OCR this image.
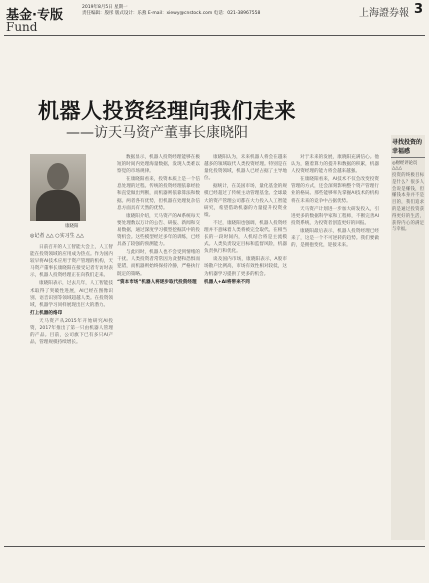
基金·专版
Fund
2019年8月5日 星期一
责任编辑：殷彤 版式设计：乐燕 E-mail：xiewy@cnstock.com 电话：021-38967558	上海證券報 3
机器人投资经理向我们走来
——访天马资产董事长康晓阳
康晓阳
◎记者 △△ ○实习生 △△

日前召开的人工智能大会上，人工智能在投资领域的应用成为热点。作为国内较早将AI技术应用于资产管理的机构，天马资产董事长康晓阳在接受记者专访时表示，机器人投资经理正在向我们走来。

康晓阳表示，过去几年，人工智能技术取得了突破性进展，AI已经在图像识别、语音识别等领域超越人类。在投资领域，机器学习同样展现出巨大的潜力。

打上机器的烙印

天马资产从2015年开始研究AI投资，2017年推出了第一只由机器人管理的产品。目前，公司旗下已有多只AI产品，管理规模持续增长。

数据显示，机器人投资经理能够在极短的时间内处理海量数据，发现人类难以察觉的市场规律。

在康晓阳看来，投资本质上是一个信息处理的过程。传统的投资经理依靠经验和直觉做出判断，而机器则依靠算法和数据。两者各有优势，但机器在处理复杂信息方面具有天然的优势。

康晓阳介绍，天马资产的AI系统每天要处理数以万计的公告、研报、新闻和交易数据，通过深度学习模型挖掘其中的投资机会。这些模型经过多年的训练，已经具备了较强的预测能力。

与此同时，机器人也不会受到情绪的干扰。人类投资者常常因为贪婪和恐惧而犯错，而机器则始终保持冷静，严格执行既定的策略。

“资本市场”机器人将逐步取代投资经理

康晓阳认为，未来机器人将会在越来越多的领域取代人类投资经理。特别是在量化投资领域，机器人已经占据了主导地位。

据统计，在美国市场，量化基金的规模已经超过了传统主动管理基金。全球最大的资产管理公司都在大力投入人工智能研究，希望借助机器的力量提升投资业绩。

不过，康晓阳也强调，机器人投资经理并不意味着人类将被完全取代。在相当长的一段时间内，人机结合将是主流模式。人类负责设定目标和监督风险，机器负责执行和优化。

谈及国内市场，康晓阳表示，A股市场散户比例高，市场有效性相对较低，这为机器学习提供了更多的机会。

机器人+AI将带来不同

对于未来的发展，康晓阳充满信心。他认为，随着算力的提升和数据的积累，机器人投资经理的能力将会越来越强。

在康晓阳看来，AI技术不仅会改变投资管理的方式，还会深刻影响整个资产管理行业的格局。那些能够率先掌握AI技术的机构将在未来的竞争中占据优势。

天马资产计划进一步加大研发投入，引进更多的数据科学家和工程师，不断完善AI投资系统，为投资者创造更好的回报。

康晓阳最后表示，机器人投资经理已经来了，这是一个不可逆转的趋势。我们要做的，是拥抱变化，迎接未来。

寻找投资的幸福感
◎财经评论员 △△△
投资的终极目标是什么？很多人会说是赚钱，但赚钱本身并不是目的，我们追求的是通过投资获得更好的生活，获得内心的满足与幸福。
